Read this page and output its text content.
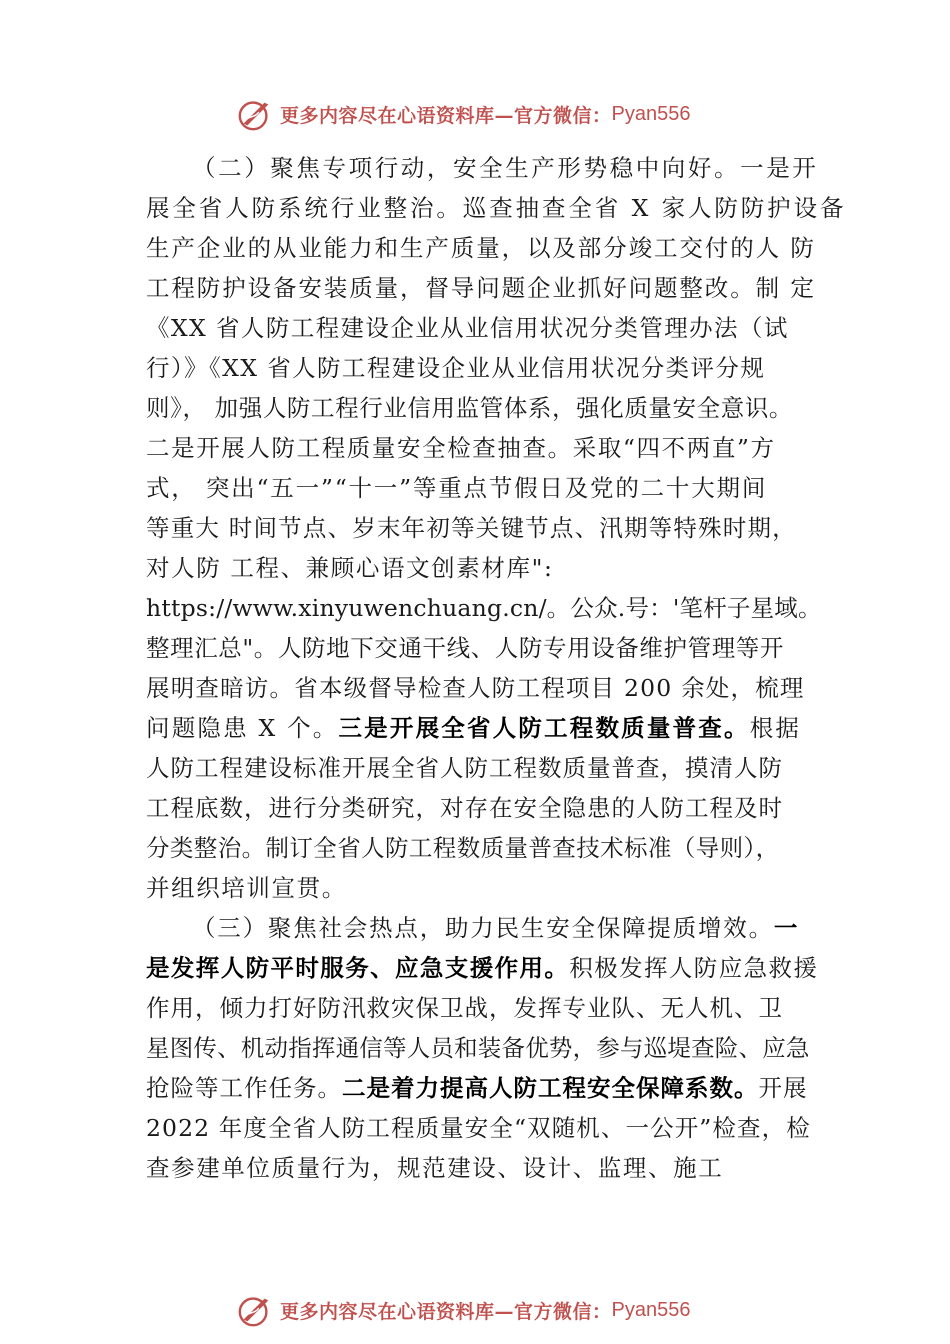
更多内容尽在心语资料库—官方微信： Pyan556
（二）聚焦专项行动，安全生产形势稳中向好。一是开
展全省人防系统行业整治。巡查抽查全省 X 家人防防护设备
生产企业的从业能力和生产质量，以及部分竣工交付的人 防
工程防护设备安装质量，督导问题企业抓好问题整改。制 定
《XX 省人防工程建设企业从业信用状况分类管理办法（试
行）》《XX 省人防工程建设企业从业信用状况分类评分规
则》， 加强人防工程行业信用监管体系，强化质量安全意识。
二是开展人防工程质量安全检查抽查。采取“四不两直”方
式， 突出“五一”“十一”等重点节假日及党的二十大期间
等重大 时间节点、岁末年初等关键节点、汛期等特殊时期，
对人防 工程、兼顾心语文创素材库":
https://www.xinyuwenchuang.cn/。公众.号：'笔杆子星域。
整理汇总"。人防地下交通干线、人防专用设备维护管理等开
展明查暗访。省本级督导检查人防工程项目 200 余处，梳理
问题隐患 X 个。三是开展全省人防工程数质量普查。根据
人防工程建设标准开展全省人防工程数质量普查，摸清人防
工程底数，进行分类研究，对存在安全隐患的人防工程及时
分类整治。制订全省人防工程数质量普查技术标准（导则），
并组织培训宣贯。
（三）聚焦社会热点，助力民生安全保障提质增效。一
是发挥人防平时服务、应急支援作用。积极发挥人防应急救援
作用，倾力打好防汛救灾保卫战，发挥专业队、无人机、卫
星图传、机动指挥通信等人员和装备优势，参与巡堤查险、应急
抢险等工作任务。二是着力提高人防工程安全保障系数。开展
2022 年度全省人防工程质量安全“双随机、一公开”检查，检
查参建单位质量行为，规范建设、设计、监理、施工
更多内容尽在心语资料库—官方微信： Pyan556
